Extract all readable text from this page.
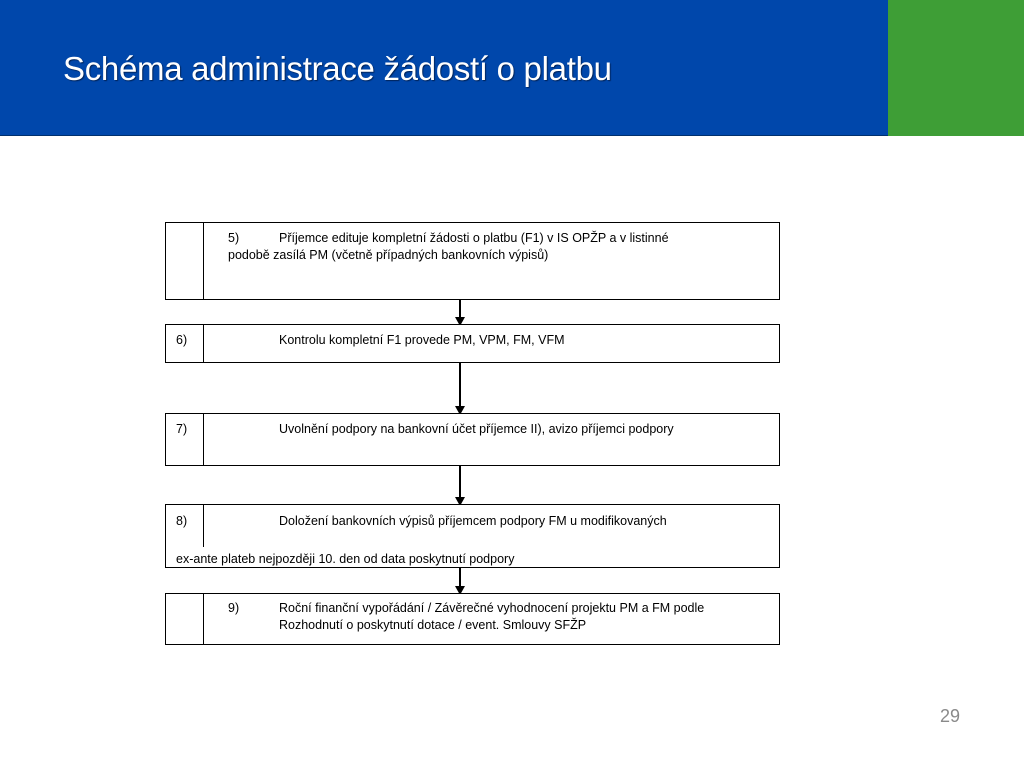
Schéma administrace žádostí o platbu
5)	Příjemce edituje kompletní žádosti o platbu (F1) v IS OPŽP a v listinné
podobě zasílá PM (včetně případných bankovních výpisů)
6)	Kontrolu kompletní F1 provede PM, VPM, FM, VFM
7)	Uvolnění podpory na bankovní účet příjemce II), avizo příjemci podpory
8)	Doložení bankovních výpisů příjemcem podpory FM u modifikovaných
ex-ante plateb nejpozději 10. den od data poskytnutí podpory
9)	Roční finanční vypořádání / Závěrečné vyhodnocení projektu PM a FM podle
Rozhodnutí o poskytnutí dotace / event. Smlouvy SFŽP
29
